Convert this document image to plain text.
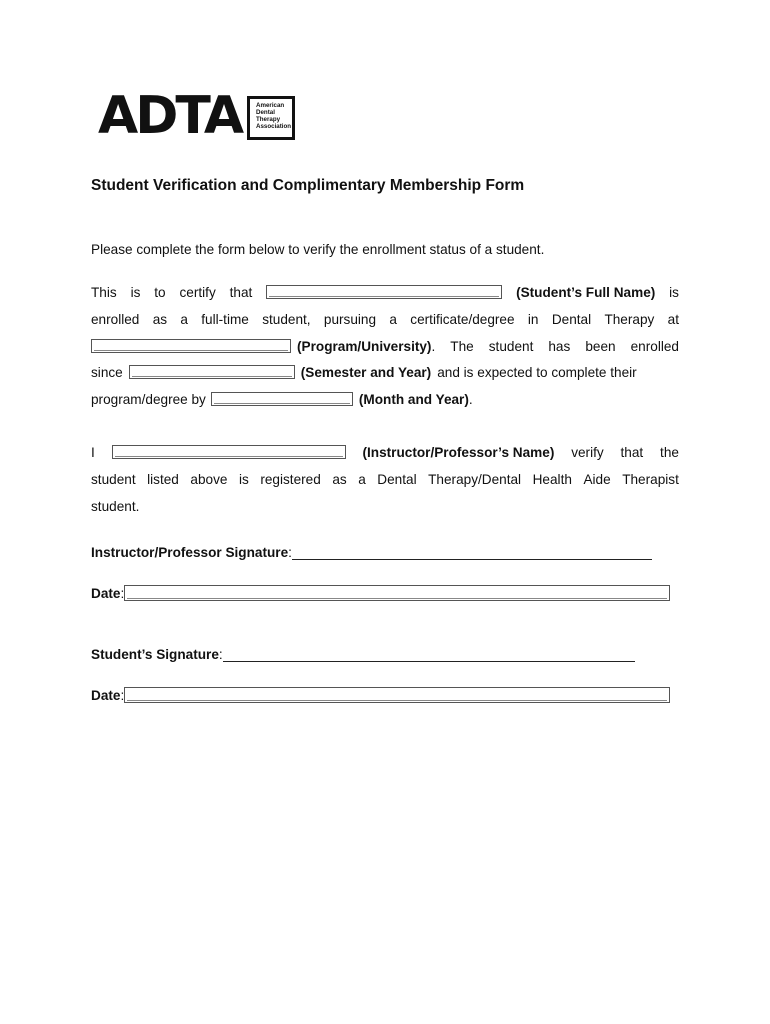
ADTA American
Dental
Therapy
Association
Student Verification and Complimentary Membership Form
Please complete the form below to verify the enrollment status of a student.
This is to certify that	(Student’s Full Name) is
enrolled as a full-time student, pursuing a certificate/degree in Dental Therapy at
(Program/University) . The student has been enrolled
since	(Semester and Year) and is expected to complete their
program/degree by	(Month and Year) .
I	(Instructor/Professor’s Name) verify that the
student listed above is registered as a Dental Therapy/Dental Health Aide Therapist
student.
Instructor/Professor Signature :
Date :
Student’s Signature :
Date :
